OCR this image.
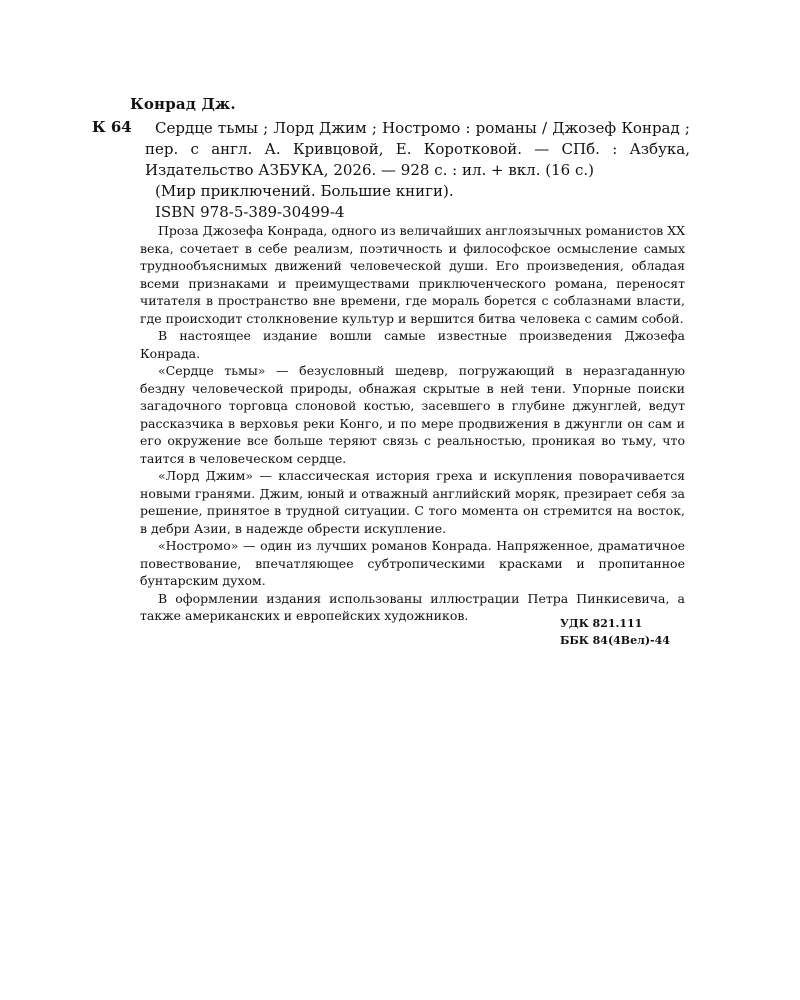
Конрад Дж.
К 64	Сердце тьмы ; Лорд Джим ; Ностромо : романы / Джозеф Конрад ; пер. с англ. А. Кривцовой, Е. Коротковой. — СПб. : Азбука, Издательство АЗБУКА, 2026. — 928 с. : ил. + вкл. (16 с.)

(Мир приключений. Большие книги).

ISBN 978-5-389-30499-4

Проза Джозефа Конрада, одного из величайших англоязычных романистов XX века, сочетает в себе реализм, поэтичность и философское осмысление самых труднообъяснимых движений человеческой души. Его произведения, обладая всеми признаками и преимуществами приключенческого романа, переносят читателя в пространство вне времени, где мораль борется с соблазнами власти, где происходит столкновение культур и вершится битва человека с самим собой.

В настоящее издание вошли самые известные произведения Джозефа Конрада.

«Сердце тьмы» — безусловный шедевр, погружающий в неразгаданную бездну человеческой природы, обнажая скрытые в ней тени. Упорные поиски загадочного торговца слоновой костью, засевшего в глубине джунглей, ведут рассказчика в верховья реки Конго, и по мере продвижения в джунгли он сам и его окружение все больше теряют связь с реальностью, проникая во тьму, что таится в человеческом сердце.

«Лорд Джим» — классическая история греха и искупления поворачивается новыми гранями. Джим, юный и отважный английский моряк, презирает себя за решение, принятое в трудной ситуации. С того момента он стремится на восток, в дебри Азии, в надежде обрести искупление.

«Ностромо» — один из лучших романов Конрада. Напряженное, драматичное повествование, впечатляющее субтропическими красками и пропитанное бунтарским духом.

В оформлении издания использованы иллюстрации Петра Пинкисевича, а также американских и европейских художников.

УДК 821.111
ББК 84(4Вел)-44
